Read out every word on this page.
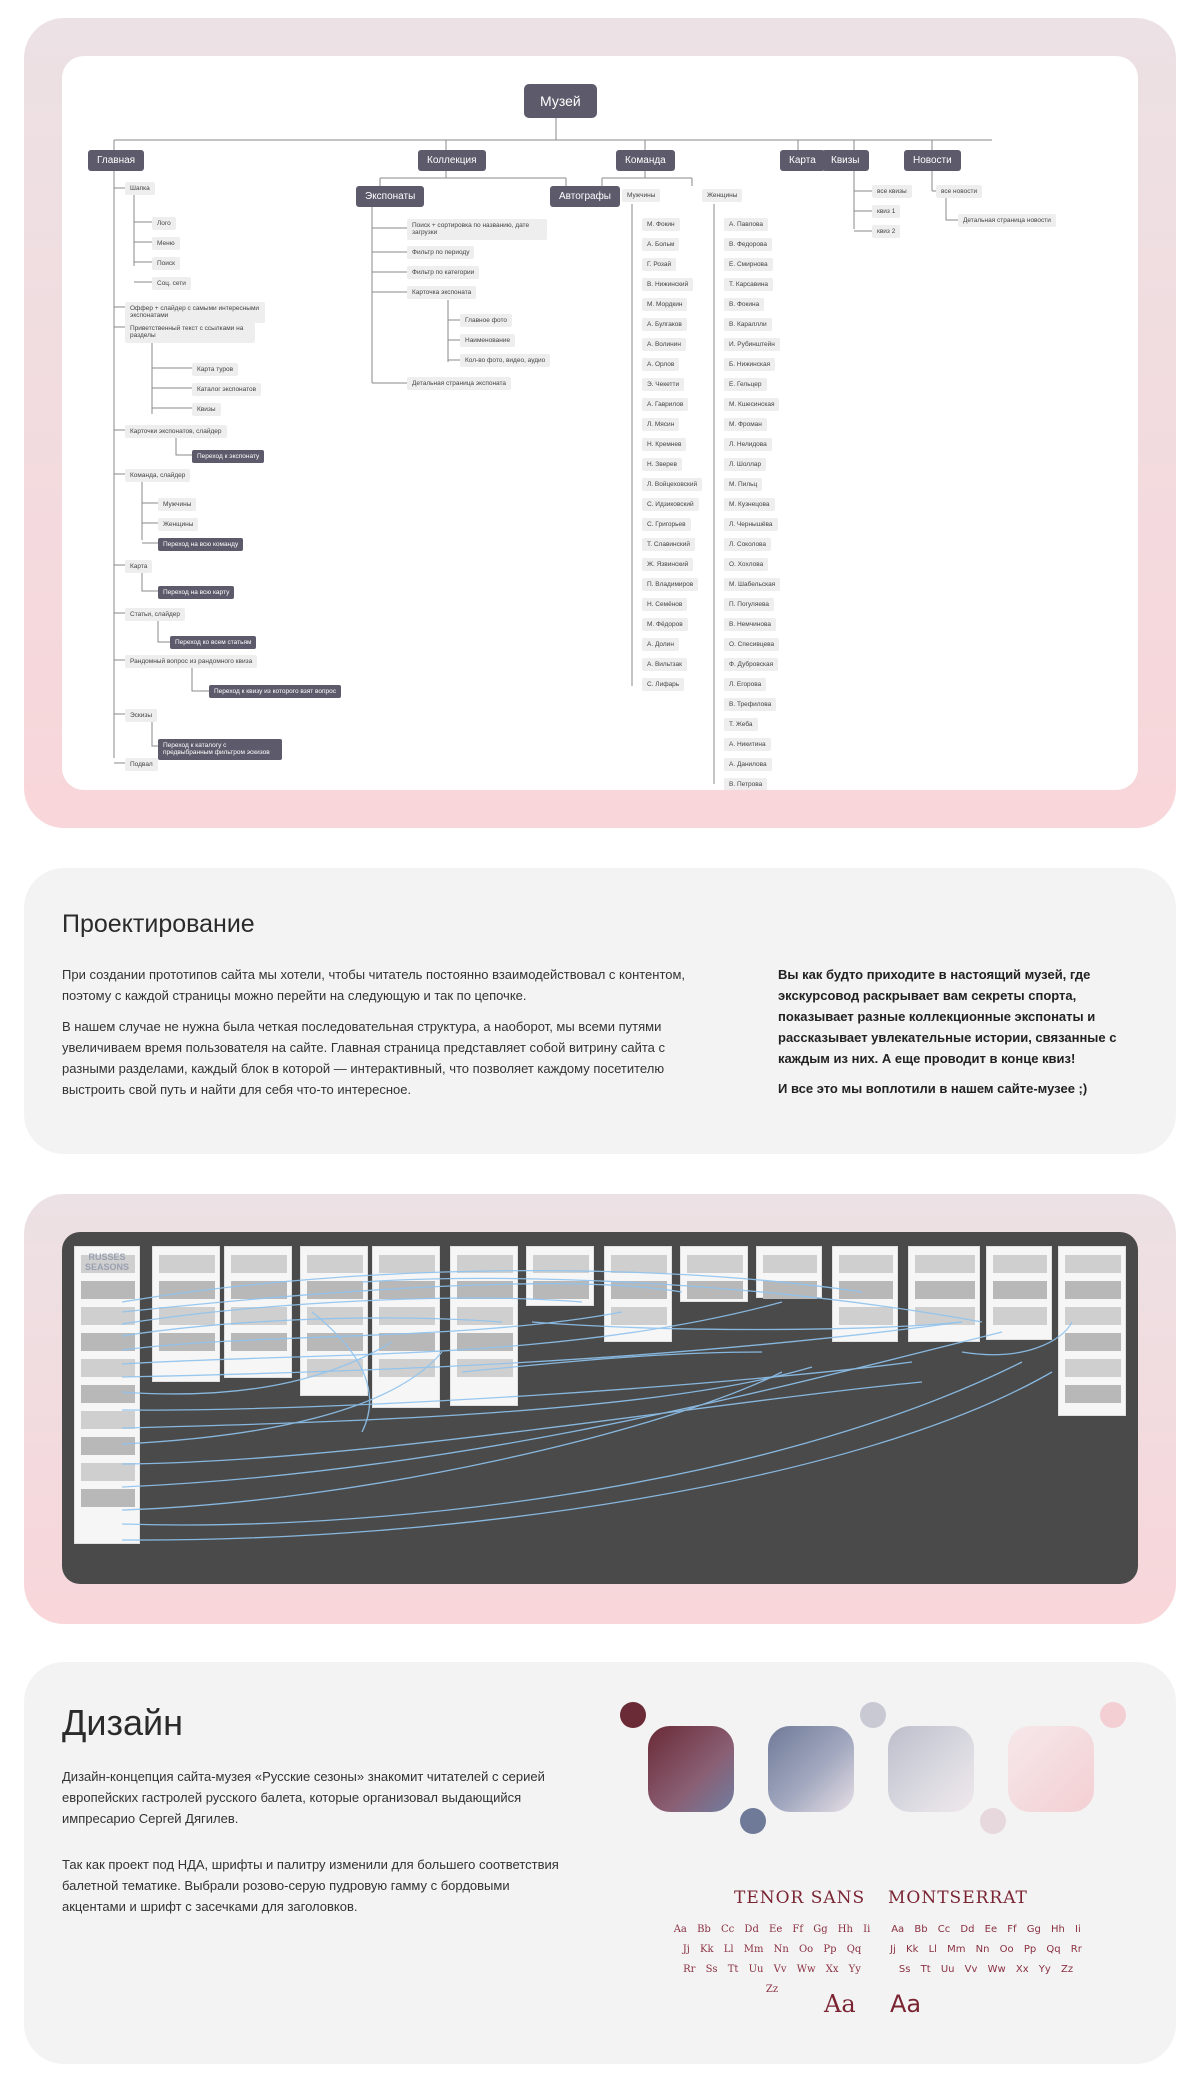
Музей
Главная	Коллекция	Команда	Карта	Квизы	Новости
Шапка
Лого
Меню
Поиск
Соц. сети
Оффер + слайдер с самыми интересными экспонатами
Приветственный текст с ссылками на разделы
Карта туров
Каталог экспонатов
Квизы
Карточки экспонатов, слайдер
Переход к экспонату
Команда, слайдер
Мужчины
Женщины
Переход на всю команду
Карта
Переход на всю карту
Статьи, слайдер
Переход ко всем статьям
Рандомный вопрос из рандомного квиза
Переход к квизу из которого взят вопрос
Эскизы
Переход к каталогу с предвыбранным фильтром эскизов
Подвал
Экспонаты	Автографы
Поиск + сортировка по названию, дате загрузки
Фильтр по периоду
Фильтр по категории
Карточка экспоната
Главное фото
Наименование
Кол-во фото, видео, аудио
Детальная страница экспоната
Мужчины	Женщины
М. Фокин
А. Больм
Г. Розай
В. Нижинский
М. Мордкин
А. Булгаков
А. Волинин
А. Орлов
Э. Чекетти
А. Гаврилов
Л. Мясин
Н. Кремнев
Н. Зверев
Л. Войцеховский
С. Идзиковский
С. Григорьев
Т. Славинский
Ж. Язвинский
П. Владимиров
Н. Семёнов
М. Фёдоров
А. Долин
А. Вильтзак
С. Лифарь
А. Павлова
В. Федорова
Е. Смирнова
Т. Карсавина
В. Фокина
В. Караллли
И. Рубинштейн
Б. Нижинская
Е. Гельцер
М. Кшесинская
М. Фроман
Л. Нелидова
Л. Шоллар
М. Пильц
М. Кузнецова
Л. Чернышёва
Л. Соколова
О. Хохлова
М. Шабельская
П. Погуляева
В. Немчинова
О. Спесивцева
Ф. Дубровская
Л. Егорова
В. Трефилова
Т. Жеба
А. Никитина
А. Данилова
В. Петрова
все квизы
квиз 1
квиз 2
все новости
Детальная страница новости
Проектирование

При создании прототипов сайта мы хотели, чтобы читатель постоянно взаимодействовал с контентом, поэтому с каждой страницы можно перейти на следующую и так по цепочке.

В нашем случае не нужна была четкая последовательная структура, а наоборот, мы всеми путями увеличиваем время пользователя на сайте. Главная страница представляет собой витрину сайта с разными разделами, каждый блок в которой — интерактивный, что позволяет каждому посетителю выстроить свой путь и найти для себя что-то интересное.

Вы как будто приходите в настоящий музей, где экскурсовод раскрывает вам секреты спорта, показывает разные коллекционные экспонаты и рассказывает увлекательные истории, связанные с каждым из них. А еще проводит в конце квиз!

И все это мы воплотили в нашем сайте-музее ;)

RUSSES SEASONS
Дизайн

Дизайн-концепция сайта-музея «Русские сезоны» знакомит читателей с серией европейских гастролей русского балета, которые организовал выдающийся импресарио Сергей Дягилев.

Так как проект под НДА, шрифты и палитру изменили для большего соответствия балетной тематике. Выбрали розово-серую пудровую гамму с бордовыми акцентами и шрифт с засечками для заголовков.	TENOR SANS MONTSERRAT
Aa Bb Cc Dd Ee Ff Gg Hh Ii Jj Kk Ll Mm Nn Oo Pp Qq Rr Ss Tt Uu Vv Ww Xx Yy Zz
Aa Bb Cc Dd Ee Ff Gg Hh Ii Jj Kk Ll Mm Nn Oo Pp Qq Rr Ss Tt Uu Vv Ww Xx Yy Zz
Aa Aa
